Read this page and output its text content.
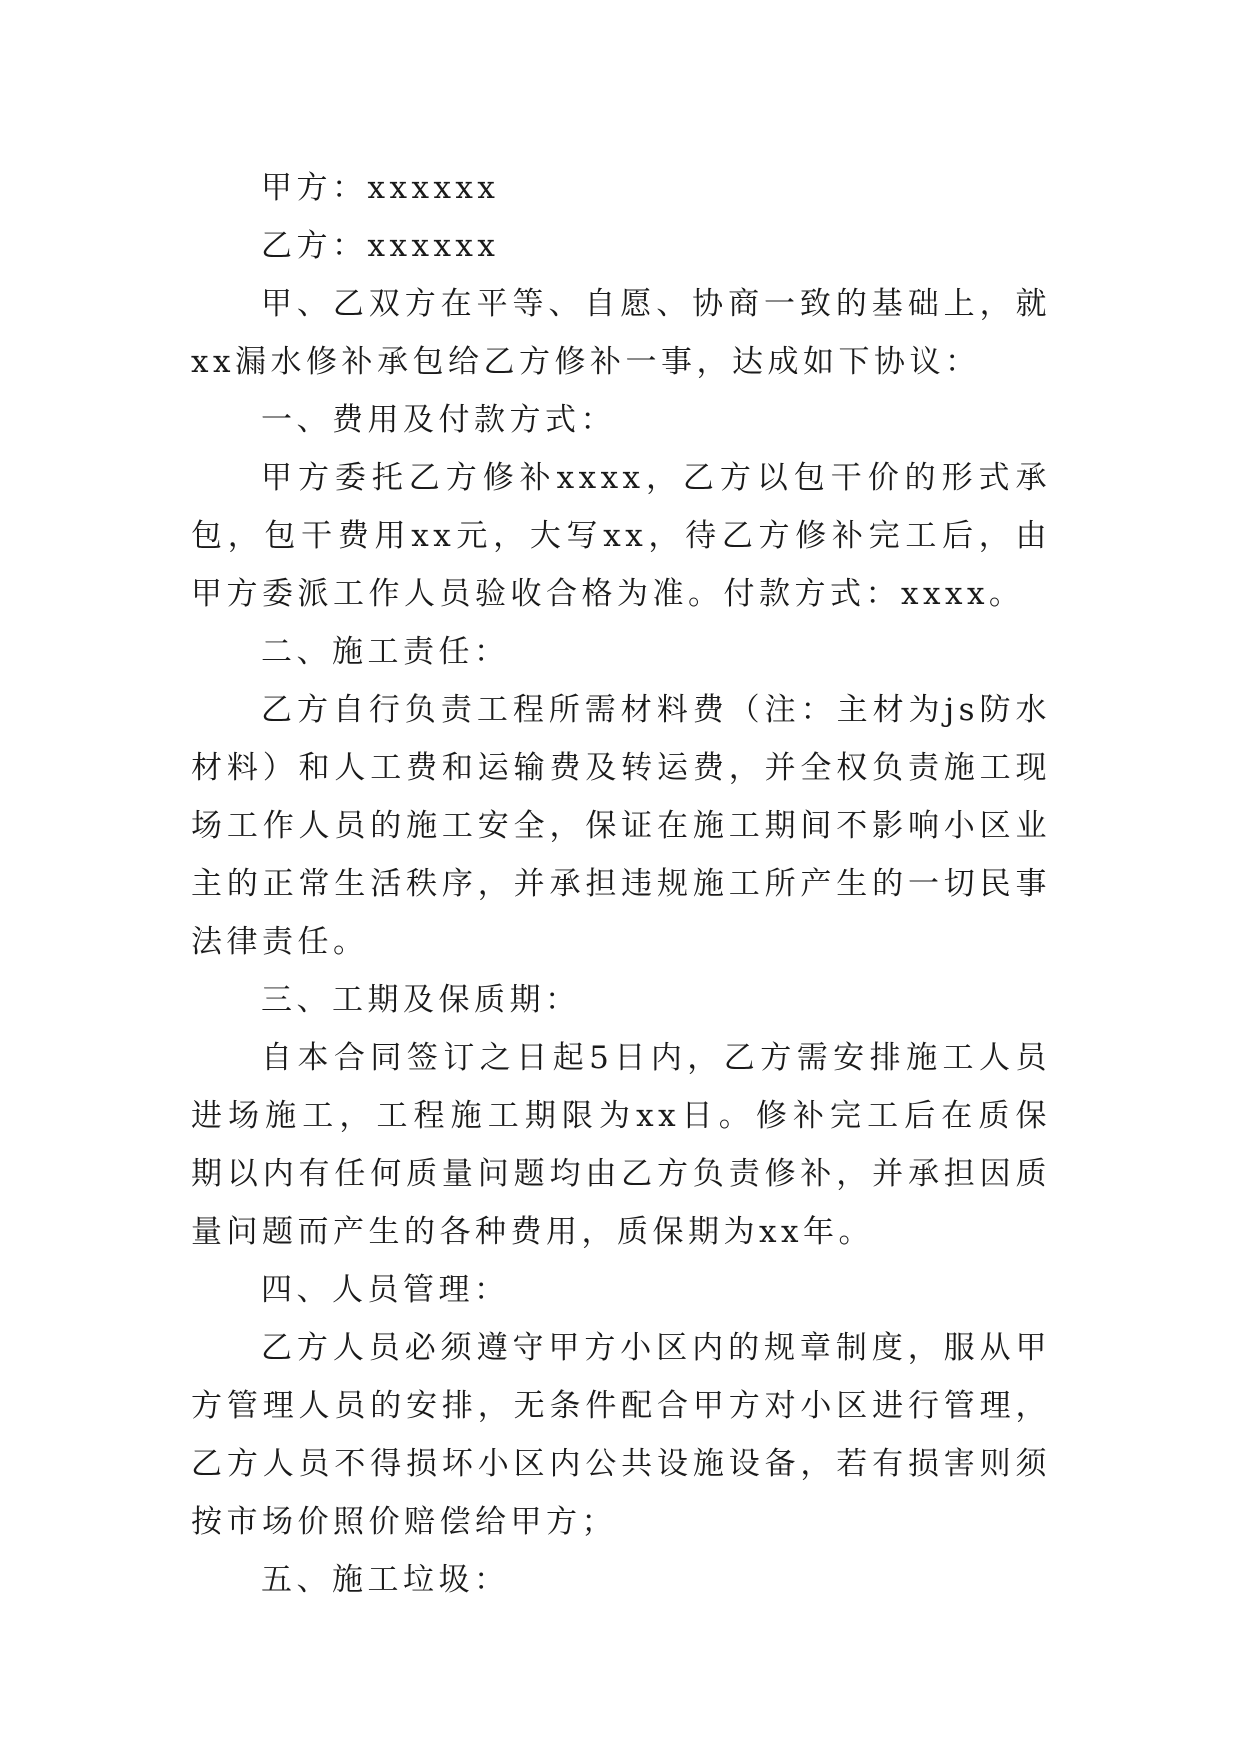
甲方：xxxxxx

乙方：xxxxxx

甲、乙双方在平等、自愿、协商一致的基础上，就xx漏水修补承包给乙方修补一事，达成如下协议：

一、费用及付款方式：

甲方委托乙方修补xxxx，乙方以包干价的形式承包，包干费用xx元，大写xx，待乙方修补完工后，由甲方委派工作人员验收合格为准。付款方式：xxxx。

二、施工责任：

乙方自行负责工程所需材料费（注：主材为js防水材料）和人工费和运输费及转运费，并全权负责施工现场工作人员的施工安全，保证在施工期间不影响小区业主的正常生活秩序，并承担违规施工所产生的一切民事法律责任。

三、工期及保质期：

自本合同签订之日起5日内，乙方需安排施工人员进场施工，工程施工期限为xx日。修补完工后在质保期以内有任何质量问题均由乙方负责修补，并承担因质量问题而产生的各种费用，质保期为xx年。

四、人员管理：

乙方人员必须遵守甲方小区内的规章制度，服从甲方管理人员的安排，无条件配合甲方对小区进行管理，乙方人员不得损坏小区内公共设施设备，若有损害则须按市场价照价赔偿给甲方；

五、施工垃圾：
